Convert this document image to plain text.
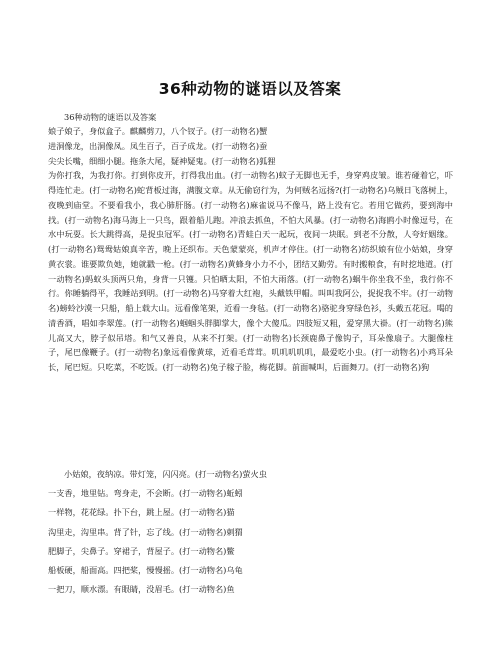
36种动物的谜语以及答案
36种动物的谜语以及答案
娘子娘子，身似盒子。麒麟剪刀，八个钗子。(打一动物名)蟹
进洞像龙，出洞像凤。凤生百子，百子成龙。(打一动物名)蚕
尖尖长嘴，细细小腿。拖条大尾，疑神疑鬼。(打一动物名)狐狸
为你打我，为我打你。打到你皮开，打得我出血。(打一动物名)蚊子无脚也无手，身穿鸡皮皱。谁若碰着它，吓得连忙走。(打一动物名)蛇背板过海，满腹文章。从无偷窃行为，为何贼名远扬?(打一动物名)乌贼日飞落树上，夜晚到庙堂。不要看我小，我心肺肝肠。(打一动物名)麻雀说马不像马，路上没有它。若用它做药，要到海中找。(打一动物名)海马海上一只鸟，跟着船儿跑。冲浪去抓鱼，不怕大风暴。(打一动物名)海鸥小时像逗号，在水中玩耍。长大跳得高，是捉虫冠军。(打一动物名)青蛙白天一起玩，夜间一块眠。到老不分散，人夸好姻缘。(打一动物名)鸳鸯姑娘真辛苦，晚上还织布。天色蒙蒙亮，机声才停住。(打一动物名)纺织娘有位小姑娘，身穿黄衣裳。谁要欺负她，她就戳一枪。(打一动物名)黄蜂身小力不小，团结又勤劳。有时搬粮食，有时挖地道。(打一动物名)蚂蚁头顶两只角，身背一只镬。只怕晒太阳，不怕大雨落。(打一动物名)蜗牛你坐我不坐，我行你不行。你睡躺得平，我睡站到明。(打一动物名)马穿着大红袍，头戴铁甲帽。叫叫我阿公，捉捉我不牢。(打一动物名)螃蛉沙漠一只船，船上载大山。远看像笔架，近看一身毡。(打一动物名)骆驼身穿绿色衫，头戴五花冠。喝的清香酒，唱如李翠莲。(打一动物名)蝈蝈头胖脚掌大，像个大傻瓜。四肢短又粗，爱穿黑大褂。(打一动物名)熊儿高又大，脖子似吊塔。和气又善良，从来不打架。(打一动物名)长颈鹿鼻子像钩子，耳朵像扇子。大腿像柱子，尾巴像鞭子。(打一动物名)象远看像黄球，近看毛茸茸。叽叽叽叽叽，最爱吃小虫。(打一动物名)小鸡耳朵长，尾巴短。只吃菜，不吃饭。(打一动物名)兔子稼子脸，梅花脚。前面喊叫，后面舞刀。(打一动物名)狗
小姑娘，夜纳凉。带灯笼，闪闪亮。(打一动物名)萤火虫
一支香，地里钻。弯身走，不会断。(打一动物名)蚯蚓
一样物，花花绿。扑下台，跳上屋。(打一动物名)猫
沟里走，沟里串。背了针，忘了线。(打一动物名)刺猬
肥脚子，尖鼻子。穿裙子，背屋子。(打一动物名)鳖
船板硬，船面高。四把桨，慢慢摇。(打一动物名)乌龟
一把刀，顺水漂。有眼睛，没眉毛。(打一动物名)鱼
